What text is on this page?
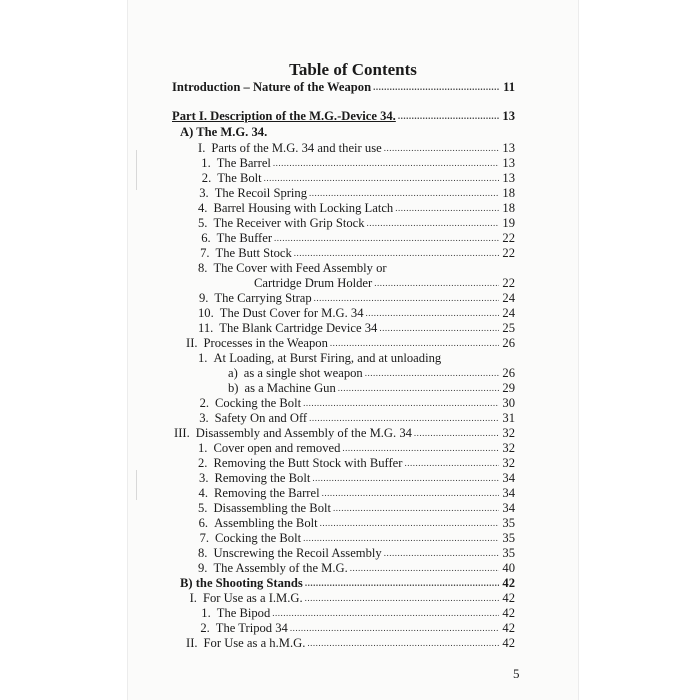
Table of Contents
Introduction – Nature of the Weapon .....	11
Part I. Description of the M.G.-Device 34. .....	13
A) The M.G. 34.
I. Parts of the M.G. 34 and their use .....	13
1. The Barrel .....	13
2. The Bolt .....	13
3. The Recoil Spring .....	18
4. Barrel Housing with Locking Latch .....	18
5. The Receiver with Grip Stock .....	19
6. The Buffer .....	22
7. The Butt Stock .....	22
8. The Cover with Feed Assembly or
Cartridge Drum Holder .....	22
9. The Carrying Strap .....	24
10. The Dust Cover for M.G. 34 .....	24
11. The Blank Cartridge Device 34 .....	25
II. Processes in the Weapon .....	26
1. At Loading, at Burst Firing, and at unloading
a) as a single shot weapon .....	26
b) as a Machine Gun .....	29
2. Cocking the Bolt .....	30
3. Safety On and Off .....	31
III. Disassembly and Assembly of the M.G. 34 .....	32
1. Cover open and removed .....	32
2. Removing the Butt Stock with Buffer .....	32
3. Removing the Bolt .....	34
4. Removing the Barrel .....	34
5. Disassembling the Bolt .....	34
6. Assembling the Bolt .....	35
7. Cocking the Bolt .....	35
8. Unscrewing the Recoil Assembly .....	35
9. The Assembly of the M.G. .....	40
B) the Shooting Stands .....	42
I. For Use as a I.M.G. .....	42
1. The Bipod .....	42
2. The Tripod 34 .....	42
II. For Use as a h.M.G. .....	42
5
